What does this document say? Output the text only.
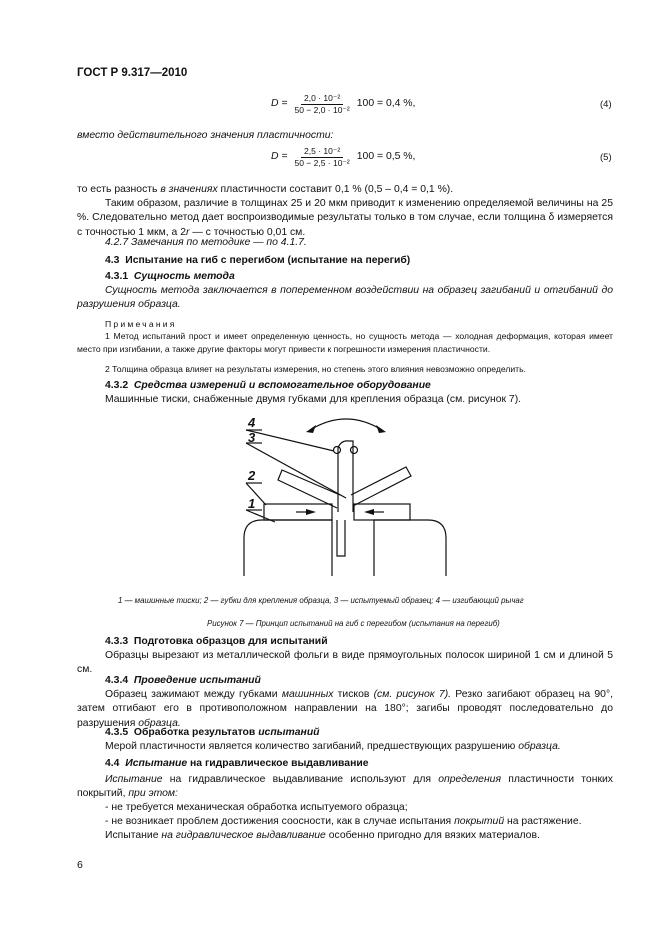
ГОСТ Р 9.317—2010
$D = \frac{\text{2,0 · 10⁻²}}{\text{50 − 2,0 · 10⁻²}} 100 = 0,4$ %,	(4)
вместо действительного значения пластичности:
$D = \frac{\text{2,5 · 10⁻²}}{\text{50 − 2,5 · 10⁻²}} 100 = 0,5$ %,	(5)
то есть разность в значениях пластичности составит 0,1 % (0,5 – 0,4 = 0,1 %).
Таким образом, различие в толщинах 25 и 20 мкм приводит к изменению определяемой величины на 25 %. Следовательно метод дает воспроизводимые результаты только в том случае, если толщина δ измеряется с точностью 1 мкм, а 2r — с точностью 0,01 см.
4.2.7 Замечания по методике — по 4.1.7.
4.3 Испытание на гиб с перегибом (испытание на перегиб)
4.3.1 Сущность метода
Сущность метода заключается в попеременном воздействии на образец загибаний и отгибаний до разрушения образца.
Примечания
1 Метод испытаний прост и имеет определенную ценность, но сущность метода — холодная деформация, которая имеет место при изгибании, а также другие факторы могут привести к погрешности измерения пластичности.
2 Толщина образца влияет на результаты измерения, но степень этого влияния невозможно определить.
4.3.2 Средства измерений и вспомогательное оборудование
Машинные тиски, снабженные двумя губками для крепления образца (см. рисунок 7).
4
3
2
1
1 — машинные тиски; 2 — губки для крепления образца, 3 — испытуемый образец; 4 — изгибающий рычаг
Рисунок 7 — Принцип испытаний на гиб с перегибом (испытания на перегиб)
4.3.3 Подготовка образцов для испытаний
Образцы вырезают из металлической фольги в виде прямоугольных полосок шириной 1 см и длиной 5 см.
4.3.4 Проведение испытаний
Образец зажимают между губками машинных тисков (см. рисунок 7). Резко загибают образец на 90°, затем отгибают его в противоположном направлении на 180°; загибы проводят последовательно до разрушения образца.
4.3.5 Обработка результатов испытаний
Мерой пластичности является количество загибаний, предшествующих разрушению образца.
4.4 Испытание на гидравлическое выдавливание
Испытание на гидравлическое выдавливание используют для определения пластичности тонких покрытий, при этом:
- не требуется механическая обработка испытуемого образца;
- не возникает проблем достижения соосности, как в случае испытания покрытий на растяжение.
Испытание на гидравлическое выдавливание особенно пригодно для вязких материалов.
6
